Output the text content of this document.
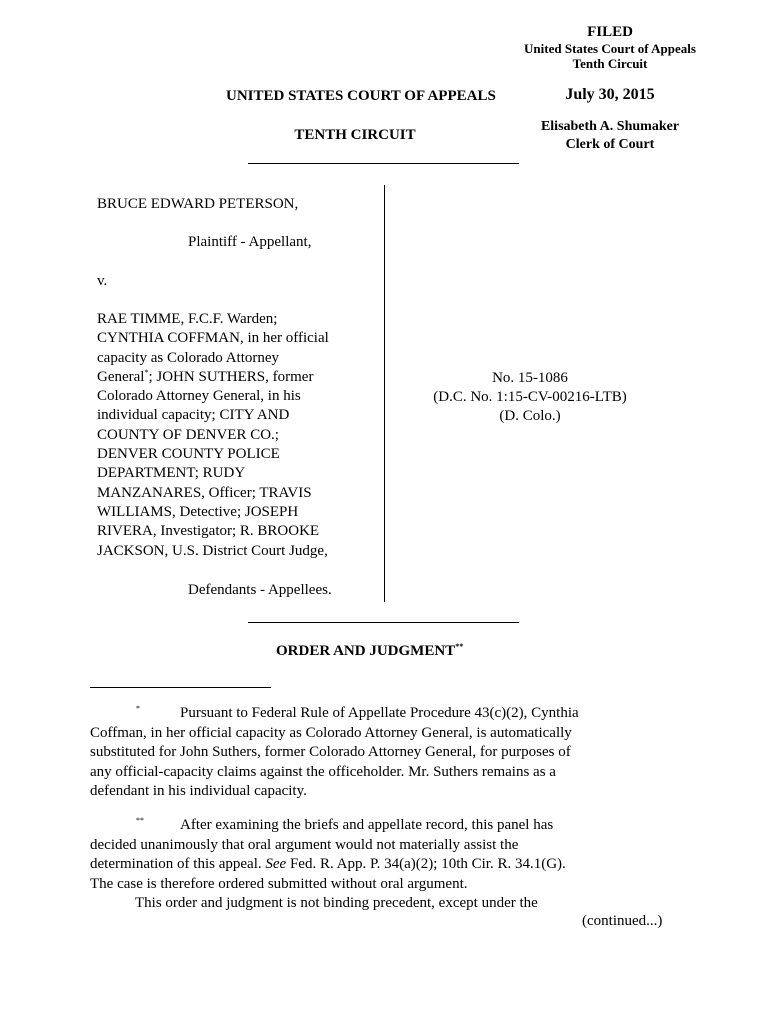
FILED
United States Court of Appeals
Tenth Circuit
July 30, 2015
Elisabeth A. Shumaker
Clerk of Court
UNITED STATES COURT OF APPEALS
TENTH CIRCUIT
BRUCE EDWARD PETERSON,
Plaintiff - Appellant,
v.
RAE TIMME, F.C.F. Warden;
CYNTHIA COFFMAN, in her official
capacity as Colorado Attorney
General*; JOHN SUTHERS, former
Colorado Attorney General, in his
individual capacity; CITY AND
COUNTY OF DENVER CO.;
DENVER COUNTY POLICE
DEPARTMENT; RUDY
MANZANARES, Officer; TRAVIS
WILLIAMS, Detective; JOSEPH
RIVERA, Investigator; R. BROOKE
JACKSON, U.S. District Court Judge,
Defendants - Appellees.
No. 15-1086
(D.C. No. 1:15-CV-00216-LTB)
(D. Colo.)
ORDER AND JUDGMENT**
*	Pursuant to Federal Rule of Appellate Procedure 43(c)(2), Cynthia
Coffman, in her official capacity as Colorado Attorney General, is automatically
substituted for John Suthers, former Colorado Attorney General, for purposes of
any official-capacity claims against the officeholder. Mr. Suthers remains as a
defendant in his individual capacity.
** After examining the briefs and appellate record, this panel has
decided unanimously that oral argument would not materially assist the
determination of this appeal. See Fed. R. App. P. 34(a)(2); 10th Cir. R. 34.1(G).
The case is therefore ordered submitted without oral argument.
This order and judgment is not binding precedent, except under the
(continued...)
